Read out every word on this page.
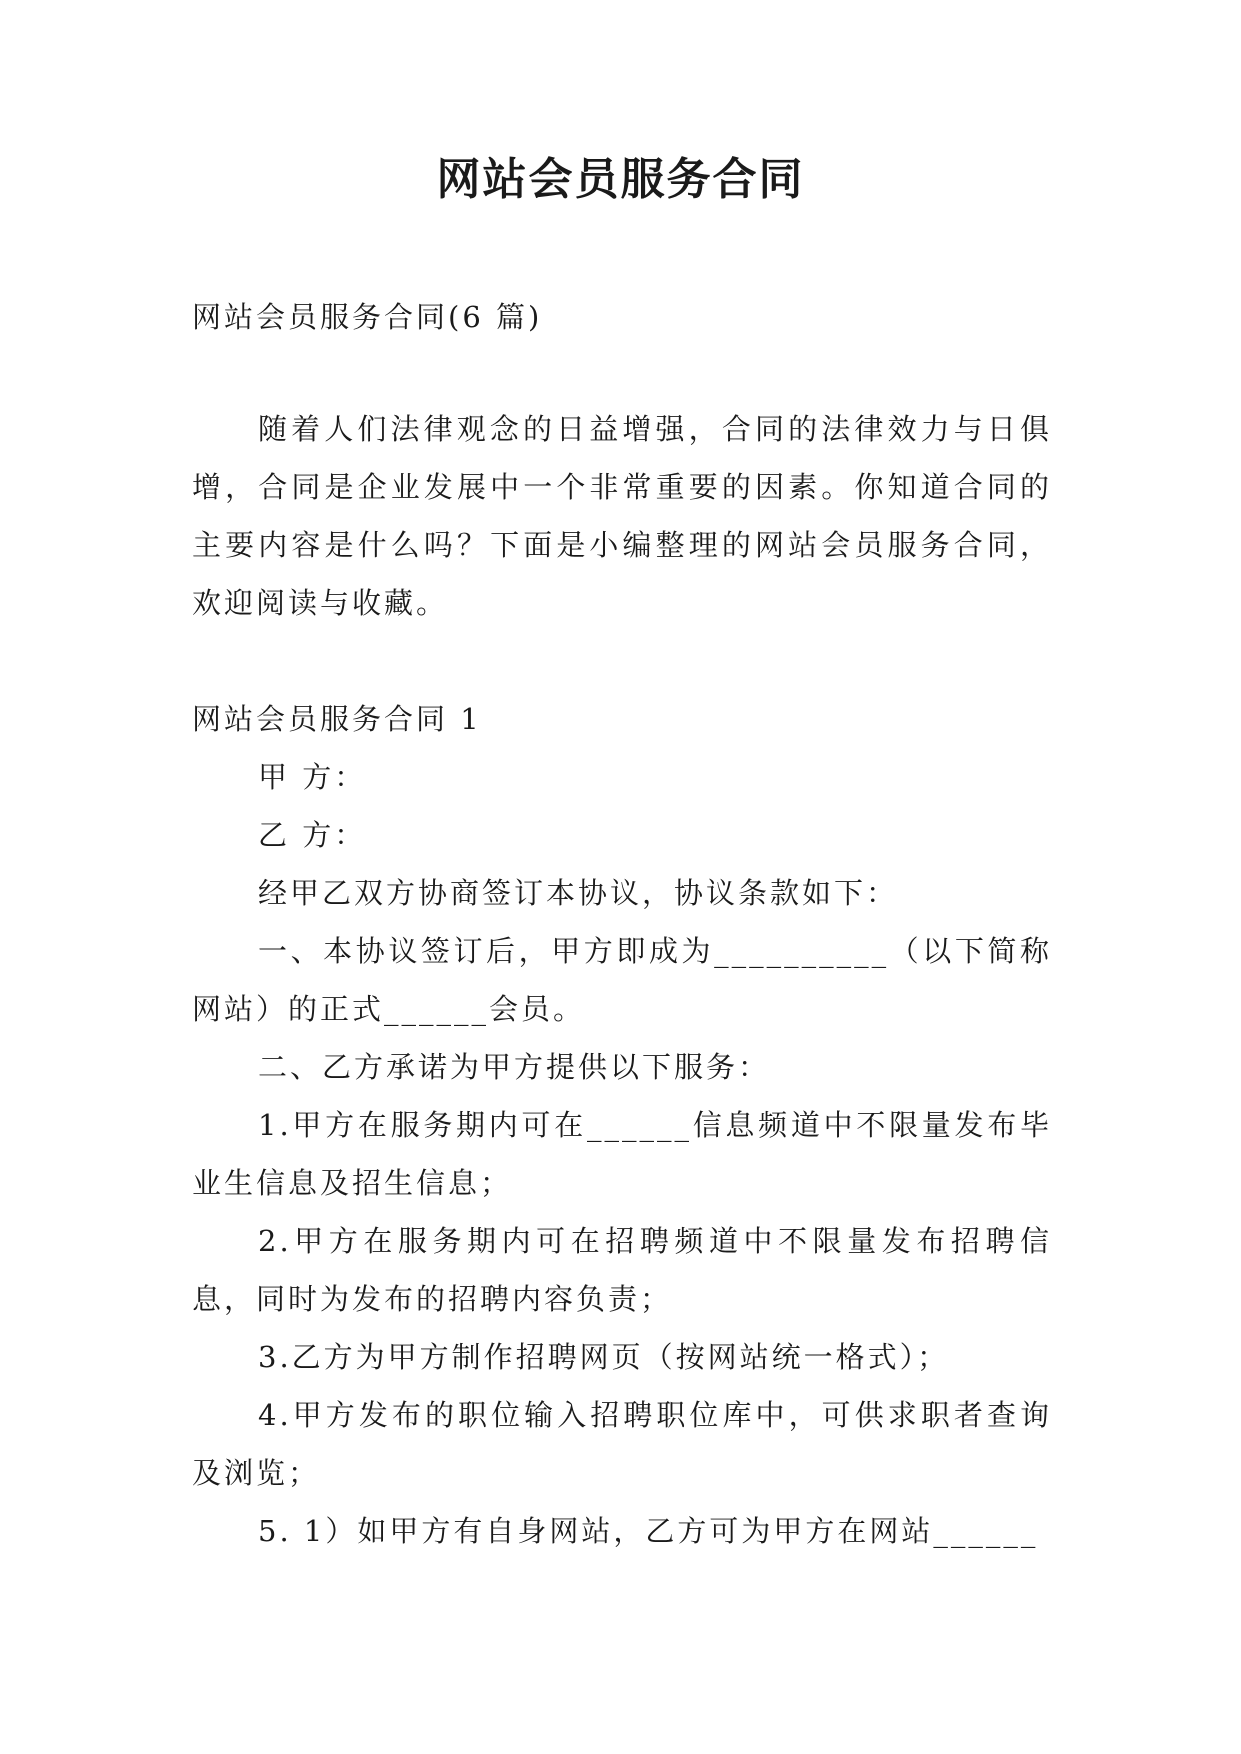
网站会员服务合同

网站会员服务合同(6 篇)

随着人们法律观念的日益增强，合同的法律效力与日俱增，合同是企业发展中一个非常重要的因素。你知道合同的主要内容是什么吗？下面是小编整理的网站会员服务合同，欢迎阅读与收藏。

网站会员服务合同 1

甲 方：

乙 方：

经甲乙双方协商签订本协议，协议条款如下：

一、本协议签订后，甲方即成为__________（以下简称网站）的正式______会员。

二、乙方承诺为甲方提供以下服务：

1.甲方在服务期内可在______信息频道中不限量发布毕业生信息及招生信息；

2.甲方在服务期内可在招聘频道中不限量发布招聘信息，同时为发布的招聘内容负责；

3.乙方为甲方制作招聘网页（按网站统一格式）；

4.甲方发布的职位输入招聘职位库中，可供求职者查询及浏览；

5. 1）如甲方有自身网站，乙方可为甲方在网站______
